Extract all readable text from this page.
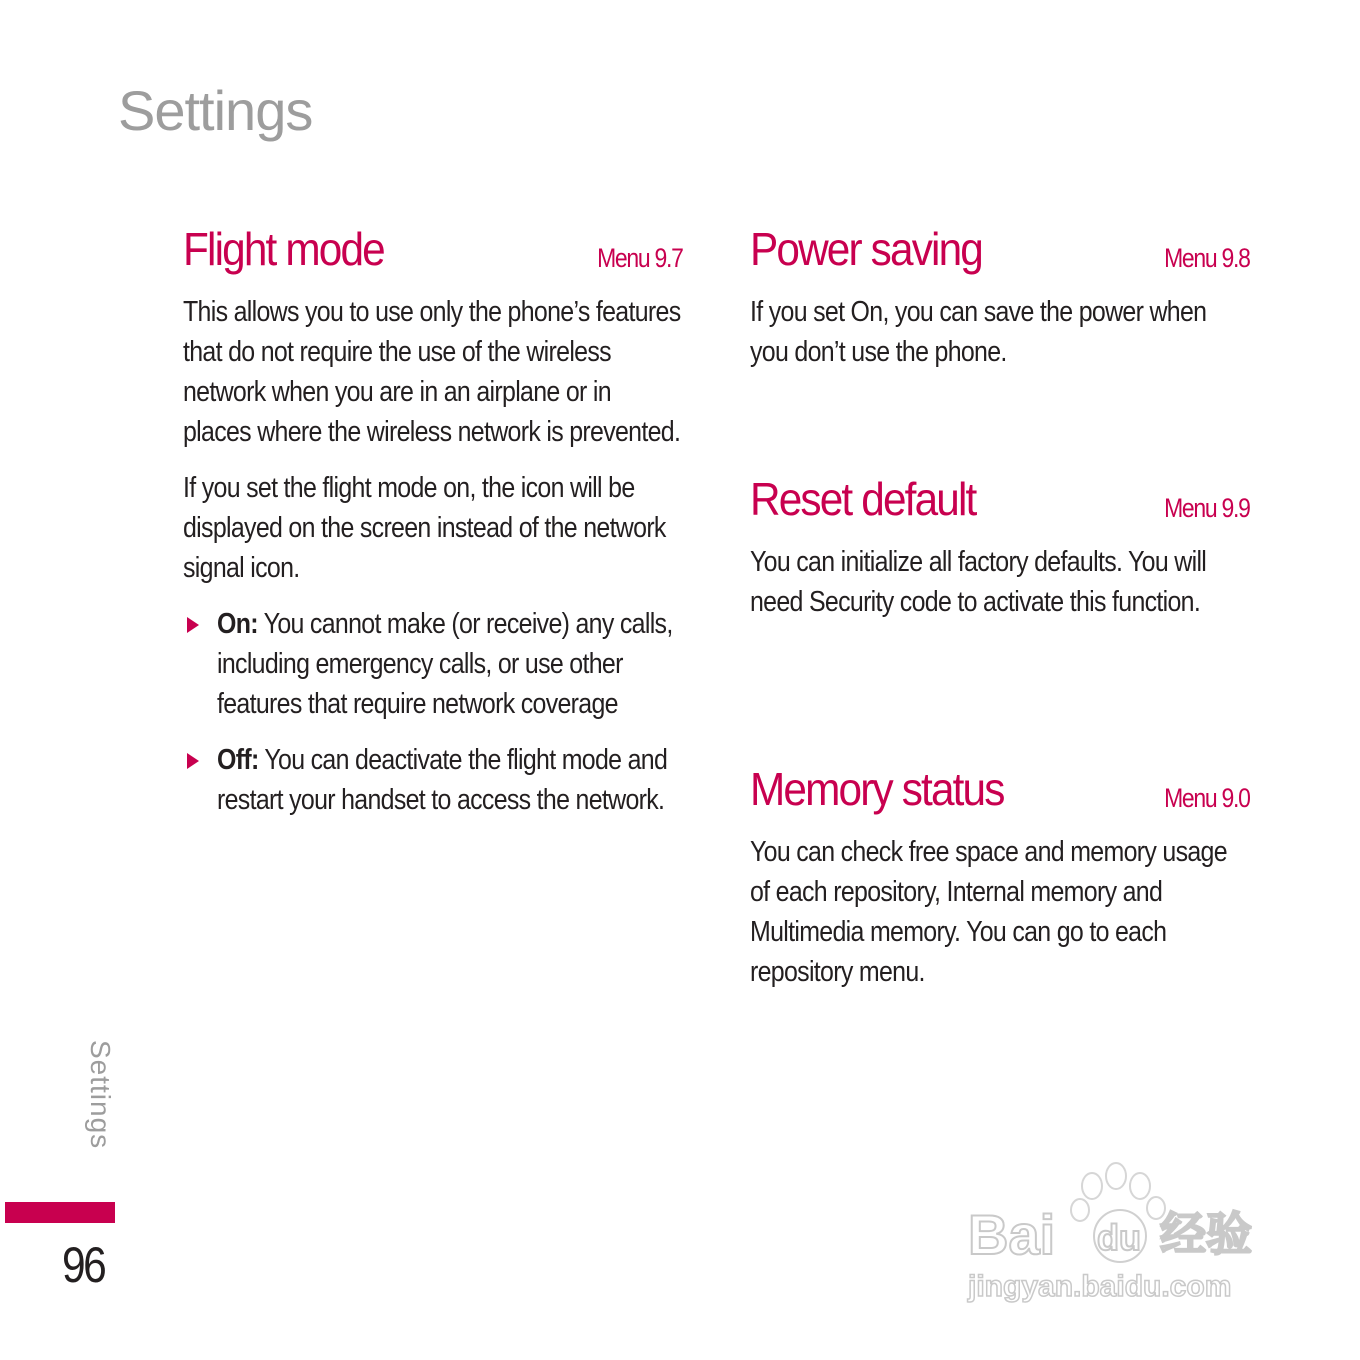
Settings
Flight mode	Menu 9.7
This allows you to use only the phone’s features that do not require the use of the wireless network when you are in an airplane or in places where the wireless network is prevented.
If you set the flight mode on, the icon will be displayed on the screen instead of the network signal icon.
On: You cannot make (or receive) any calls, including emergency calls, or use other features that require network coverage
Off: You can deactivate the flight mode and restart your handset to access the network.
Power saving	Menu 9.8
If you set On, you can save the power when you don’t use the phone.
Reset default	Menu 9.9
You can initialize all factory defaults. You will need Security code to activate this function.
Memory status	Menu 9.0
You can check free space and memory usage of each repository, Internal memory and Multimedia memory. You can go to each repository menu.
Settings
96	Bai du 经验
jingyan.baidu.com
